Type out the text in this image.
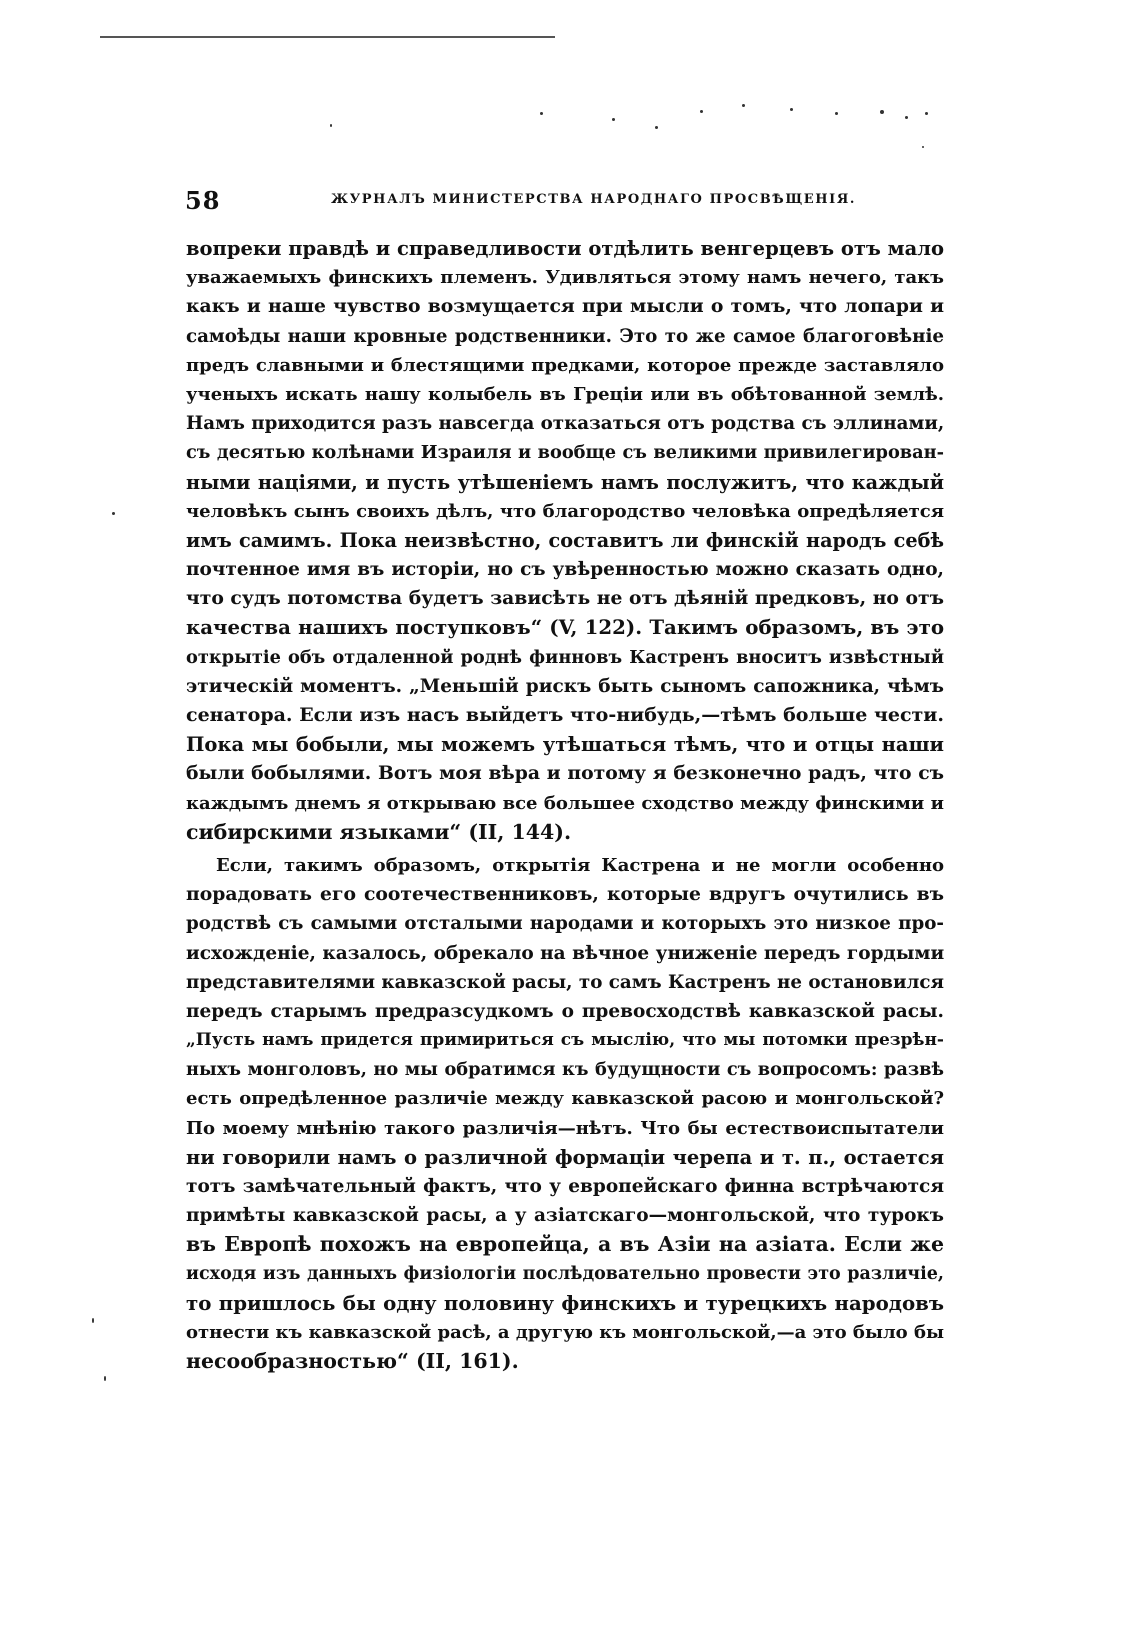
58	ЖУРНАЛЪ МИНИСТЕРСТВА НАРОДНАГО ПРОСВѢЩЕНІЯ.
вопреки правдѣ и справедливости отдѣлить венгерцевъ отъ мало
уважаемыхъ финскихъ племенъ. Удивляться этому намъ нечего, такъ
какъ и наше чувство возмущается при мысли о томъ, что лопари и
самоѣды наши кровные родственники. Это то же самое благоговѣніе
предъ славными и блестящими предками, которое прежде заставляло
ученыхъ искать нашу колыбель въ Греціи или въ обѣтованной землѣ.
Намъ приходится разъ навсегда отказаться отъ родства съ эллинами,
съ десятью колѣнами Израиля и вообще съ великими привилегирован-
ными націями, и пусть утѣшеніемъ намъ послужитъ, что каждый
человѣкъ сынъ своихъ дѣлъ, что благородство человѣка опредѣляется
имъ самимъ. Пока неизвѣстно, составитъ ли финскій народъ себѣ
почтенное имя въ исторіи, но съ увѣренностью можно сказать одно,
что судъ потомства будетъ зависѣть не отъ дѣяній предковъ, но отъ
качества нашихъ поступковъ“ (V, 122). Такимъ образомъ, въ это
открытіе объ отдаленной роднѣ финновъ Кастренъ вноситъ извѣстный
этическій моментъ. „Меньшій рискъ быть сыномъ сапожника, чѣмъ
сенатора. Если изъ насъ выйдетъ что-нибудь,—тѣмъ больше чести.
Пока мы бобыли, мы можемъ утѣшаться тѣмъ, что и отцы наши
были бобылями. Вотъ моя вѣра и потому я безконечно радъ, что съ
каждымъ днемъ я открываю все большее сходство между финскими и
сибирскими языками“ (II, 144).
Если, такимъ образомъ, открытія Кастрена и не могли особенно
порадовать его соотечественниковъ, которые вдругъ очутились въ
родствѣ съ самыми отсталыми народами и которыхъ это низкое про-
исхожденіе, казалось, обрекало на вѣчное униженіе передъ гордыми
представителями кавказской расы, то самъ Кастренъ не остановился
передъ старымъ предразсудкомъ о превосходствѣ кавказской расы.
„Пусть намъ придется примириться съ мыслію, что мы потомки презрѣн-
ныхъ монголовъ, но мы обратимся къ будущности съ вопросомъ: развѣ
есть опредѣленное различіе между кавказской расою и монгольской?
По моему мнѣнію такого различія—нѣтъ. Что бы естествоиспытатели
ни говорили намъ о различной формаціи черепа и т. п., остается
тотъ замѣчательный фактъ, что у европейскаго финна встрѣчаются
примѣты кавказской расы, а у азіатскаго—монгольской, что турокъ
въ Европѣ похожъ на европейца, а въ Азіи на азіата. Если же
исходя изъ данныхъ физіологіи послѣдовательно провести это различіе,
то пришлось бы одну половину финскихъ и турецкихъ народовъ
отнести къ кавказской расѣ, а другую къ монгольской,—а это было бы
несообразностью“ (II, 161).
